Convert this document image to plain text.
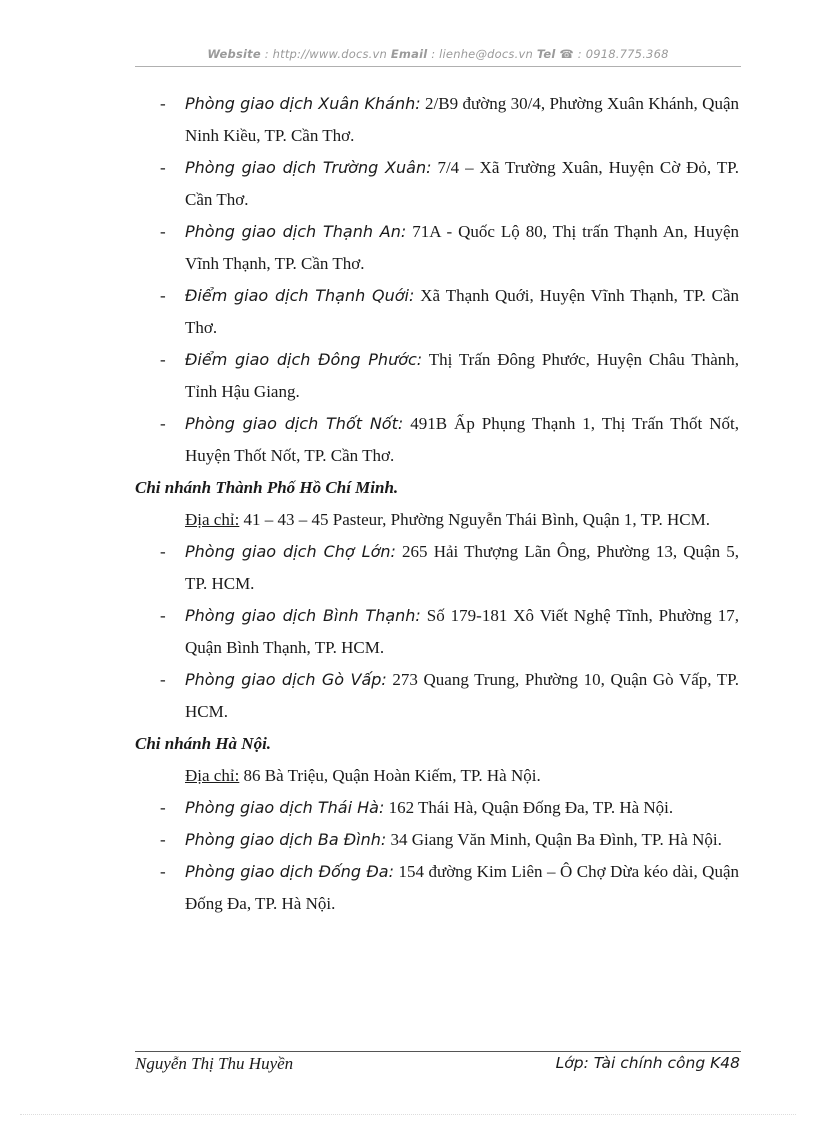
Website : http://www.docs.vn Email : lienhe@docs.vn Tel ☎ : 0918.775.368
- Phòng giao dịch Xuân Khánh: 2/B9 đường 30/4, Phường Xuân Khánh, Quận Ninh Kiều, TP. Cần Thơ.
- Phòng giao dịch Trường Xuân: 7/4 – Xã Trường Xuân, Huyện Cờ Đỏ, TP. Cần Thơ.
- Phòng giao dịch Thạnh An: 71A - Quốc Lộ 80, Thị trấn Thạnh An, Huyện Vĩnh Thạnh, TP. Cần Thơ.
- Điểm giao dịch Thạnh Quới: Xã Thạnh Quới, Huyện Vĩnh Thạnh, TP. Cần Thơ.
- Điểm giao dịch Đông Phước: Thị Trấn Đông Phước, Huyện Châu Thành, Tỉnh Hậu Giang.
- Phòng giao dịch Thốt Nốt: 491B Ấp Phụng Thạnh 1, Thị Trấn Thốt Nốt, Huyện Thốt Nốt, TP. Cần Thơ.

Chi nhánh Thành Phố Hồ Chí Minh.

Địa chỉ: 41 – 43 – 45 Pasteur, Phường Nguyễn Thái Bình, Quận 1, TP. HCM.

- Phòng giao dịch Chợ Lớn: 265 Hải Thượng Lãn Ông, Phường 13, Quận 5, TP. HCM.
- Phòng giao dịch Bình Thạnh: Số 179-181 Xô Viết Nghệ Tĩnh, Phường 17, Quận Bình Thạnh, TP. HCM.
- Phòng giao dịch Gò Vấp: 273 Quang Trung, Phường 10, Quận Gò Vấp, TP. HCM.

Chi nhánh Hà Nội.

Địa chỉ: 86 Bà Triệu, Quận Hoàn Kiếm, TP. Hà Nội.

- Phòng giao dịch Thái Hà: 162 Thái Hà, Quận Đống Đa, TP. Hà Nội.
- Phòng giao dịch Ba Đình: 34 Giang Văn Minh, Quận Ba Đình, TP. Hà Nội.
- Phòng giao dịch Đống Đa: 154 đường Kim Liên – Ô Chợ Dừa kéo dài, Quận Đống Đa, TP. Hà Nội.
Nguyễn Thị Thu Huyền	Lớp: Tài chính công K48
